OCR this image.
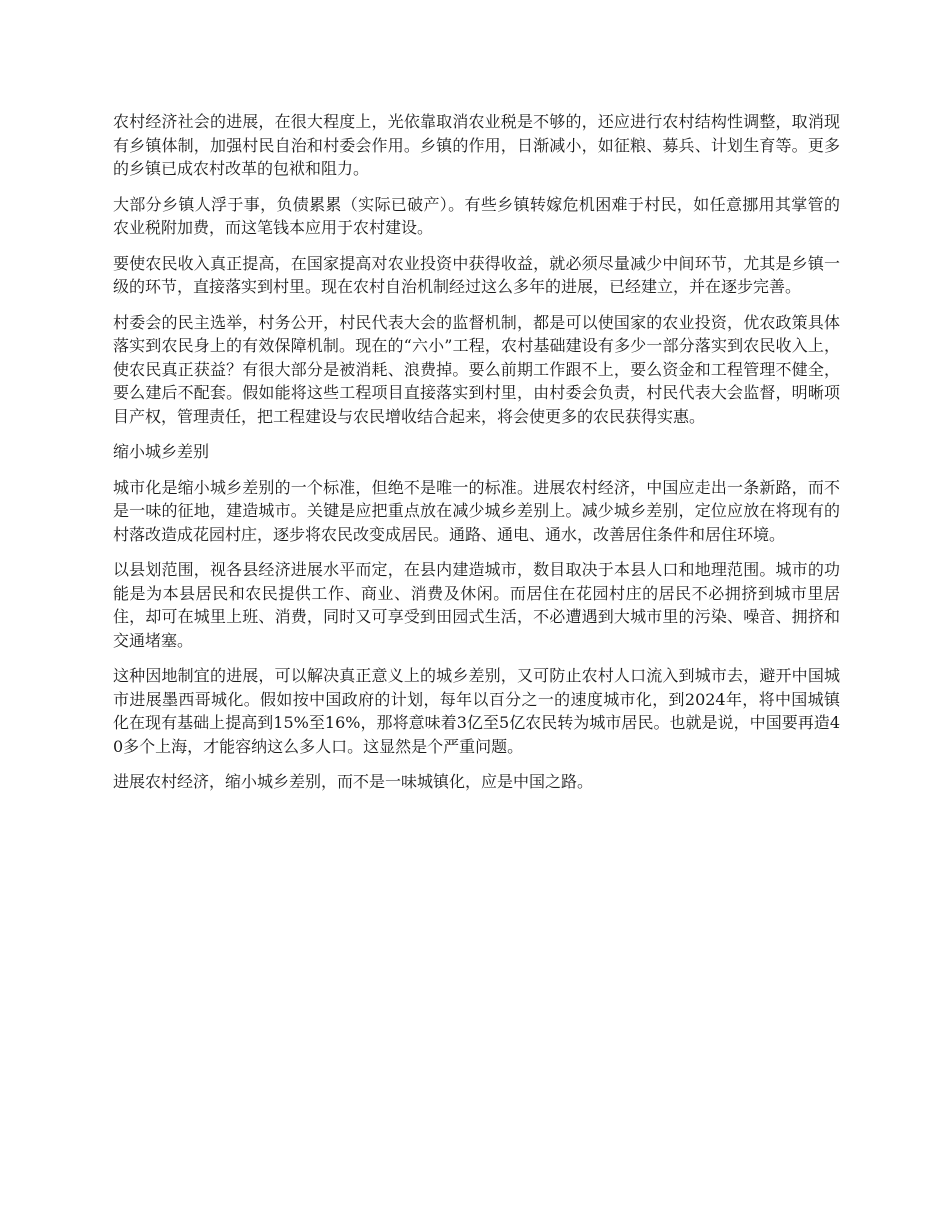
农村经济社会的进展，在很大程度上，光依靠取消农业税是不够的，还应进行农村结构性调整，取消现有乡镇体制，加强村民自治和村委会作用。乡镇的作用，日渐减小，如征粮、募兵、计划生育等。更多的乡镇已成农村改革的包袱和阻力。

大部分乡镇人浮于事，负债累累（实际已破产）。有些乡镇转嫁危机困难于村民，如任意挪用其掌管的农业税附加费，而这笔钱本应用于农村建设。

要使农民收入真正提高，在国家提高对农业投资中获得收益，就必须尽量减少中间环节，尤其是乡镇一级的环节，直接落实到村里。现在农村自治机制经过这么多年的进展，已经建立，并在逐步完善。

村委会的民主选举，村务公开，村民代表大会的监督机制，都是可以使国家的农业投资，优农政策具体落实到农民身上的有效保障机制。现在的“六小”工程，农村基础建设有多少一部分落实到农民收入上，使农民真正获益？有很大部分是被消耗、浪费掉。要么前期工作跟不上，要么资金和工程管理不健全，要么建后不配套。假如能将这些工程项目直接落实到村里，由村委会负责，村民代表大会监督，明晰项目产权，管理责任，把工程建设与农民增收结合起来，将会使更多的农民获得实惠。

缩小城乡差别

城市化是缩小城乡差别的一个标准，但绝不是唯一的标准。进展农村经济，中国应走出一条新路，而不是一味的征地，建造城市。关键是应把重点放在减少城乡差别上。减少城乡差别，定位应放在将现有的村落改造成花园村庄，逐步将农民改变成居民。通路、通电、通水，改善居住条件和居住环境。

以县划范围，视各县经济进展水平而定，在县内建造城市，数目取决于本县人口和地理范围。城市的功能是为本县居民和农民提供工作、商业、消费及休闲。而居住在花园村庄的居民不必拥挤到城市里居住，却可在城里上班、消费，同时又可享受到田园式生活，不必遭遇到大城市里的污染、噪音、拥挤和交通堵塞。

这种因地制宜的进展，可以解决真正意义上的城乡差别，又可防止农村人口流入到城市去，避开中国城市进展墨西哥城化。假如按中国政府的计划，每年以百分之一的速度城市化，到2024年，将中国城镇化在现有基础上提高到15%至16%，那将意味着3亿至5亿农民转为城市居民。也就是说，中国要再造40多个上海，才能容纳这么多人口。这显然是个严重问题。

进展农村经济，缩小城乡差别，而不是一味城镇化，应是中国之路。
